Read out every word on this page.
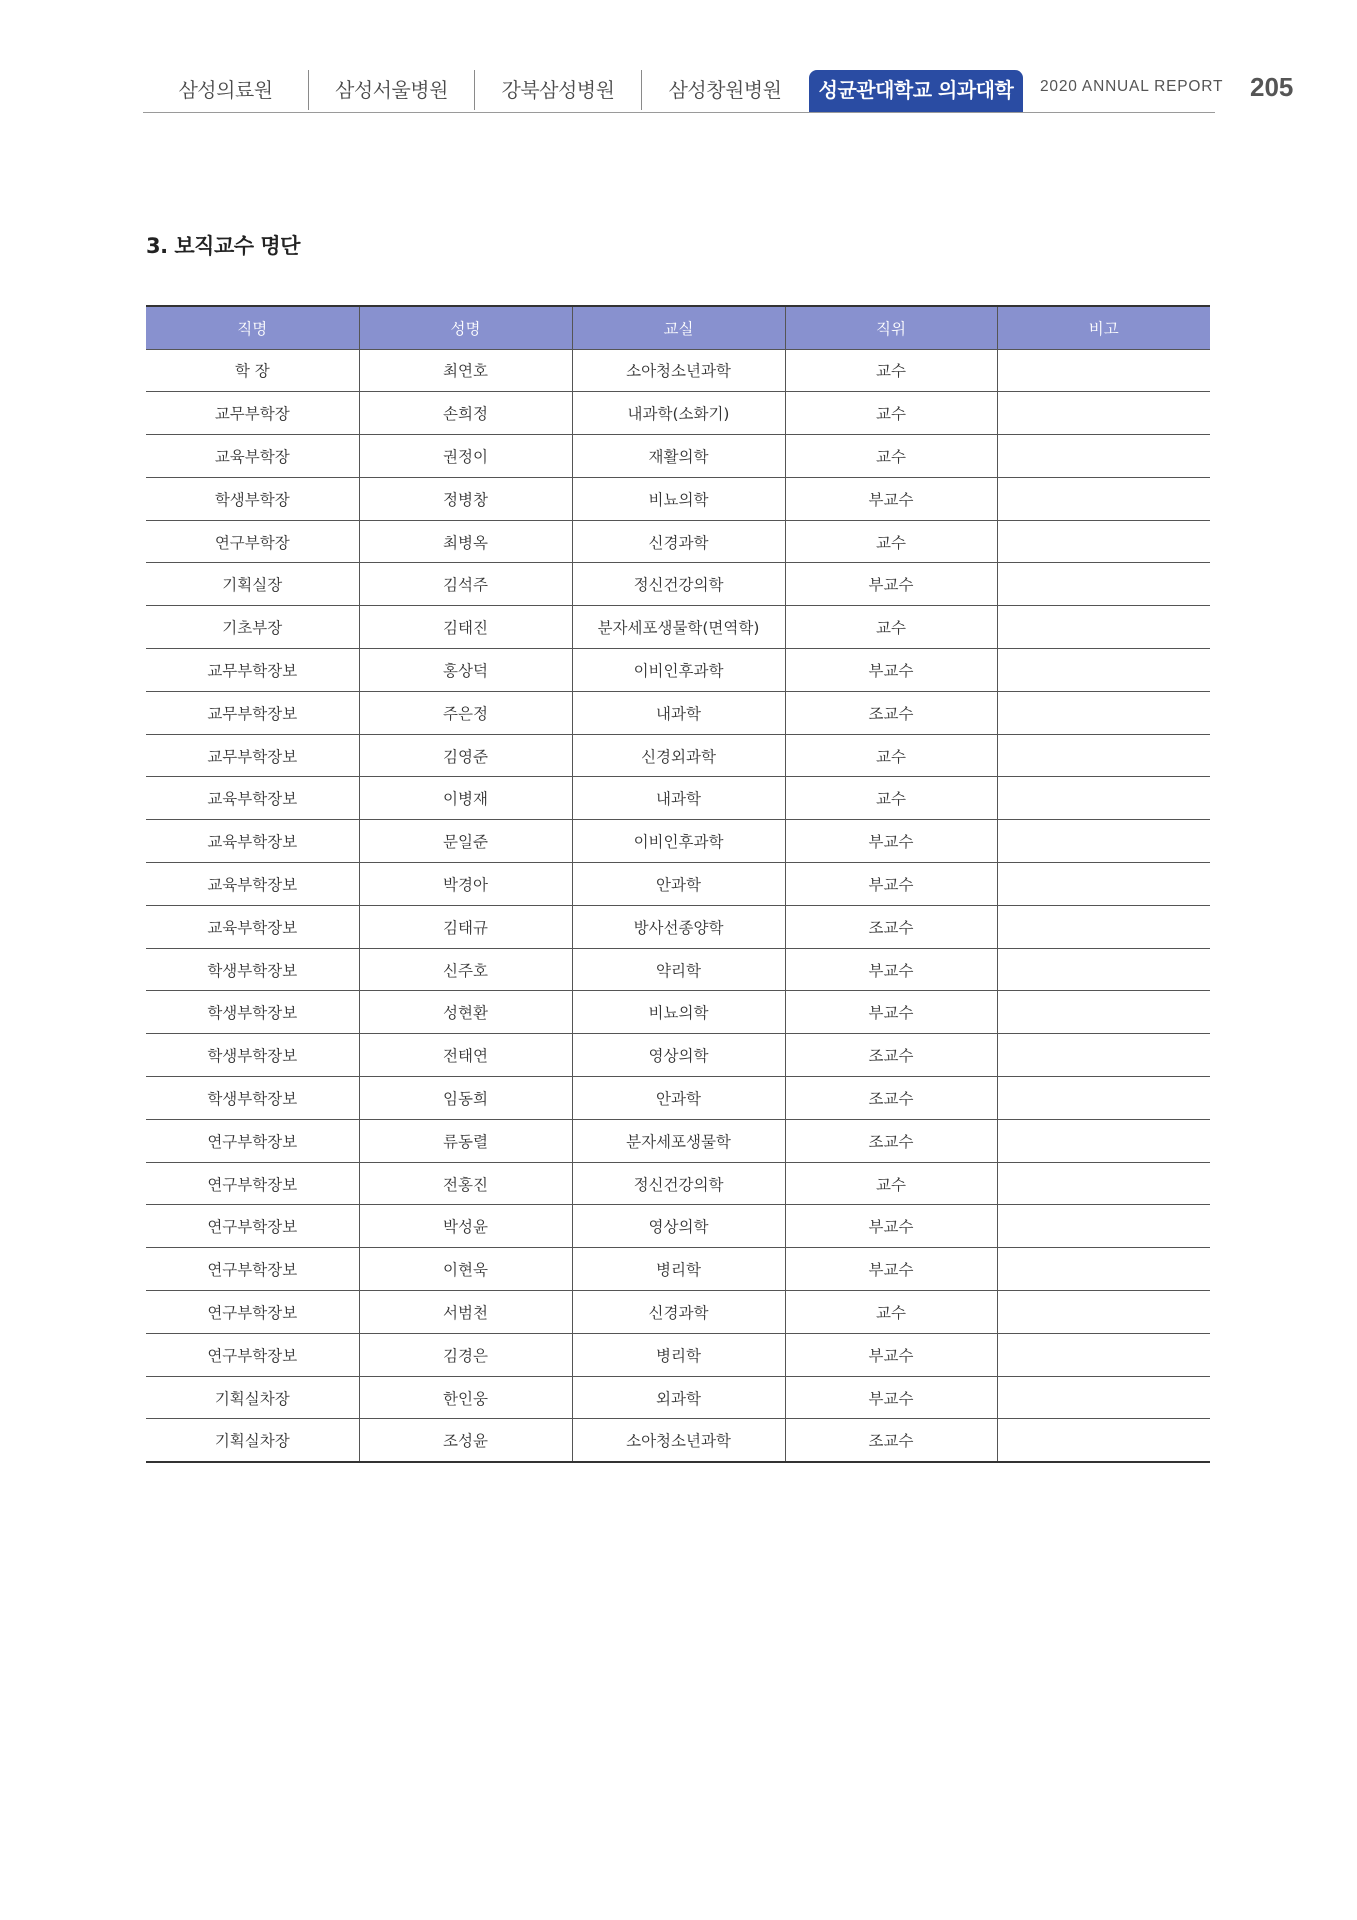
삼성의료원	삼성서울병원	강북삼성병원	삼성창원병원	성균관대학교 의과대학	2020 ANNUAL REPORT 205
3. 보직교수 명단
직명	성명	교실	직위	비고
학 장	최연호	소아청소년과학	교수	
교무부학장	손희정	내과학(소화기)	교수	
교육부학장	권정이	재활의학	교수	
학생부학장	정병창	비뇨의학	부교수	
연구부학장	최병옥	신경과학	교수	
기획실장	김석주	정신건강의학	부교수	
기초부장	김태진	분자세포생물학(면역학)	교수	
교무부학장보	홍상덕	이비인후과학	부교수	
교무부학장보	주은정	내과학	조교수	
교무부학장보	김영준	신경외과학	교수	
교육부학장보	이병재	내과학	교수	
교육부학장보	문일준	이비인후과학	부교수	
교육부학장보	박경아	안과학	부교수	
교육부학장보	김태규	방사선종양학	조교수	
학생부학장보	신주호	약리학	부교수	
학생부학장보	성현환	비뇨의학	부교수	
학생부학장보	전태연	영상의학	조교수	
학생부학장보	임동희	안과학	조교수	
연구부학장보	류동렬	분자세포생물학	조교수	
연구부학장보	전홍진	정신건강의학	교수	
연구부학장보	박성윤	영상의학	부교수	
연구부학장보	이현욱	병리학	부교수	
연구부학장보	서범천	신경과학	교수	
연구부학장보	김경은	병리학	부교수	
기획실차장	한인웅	외과학	부교수	
기획실차장	조성윤	소아청소년과학	조교수	
